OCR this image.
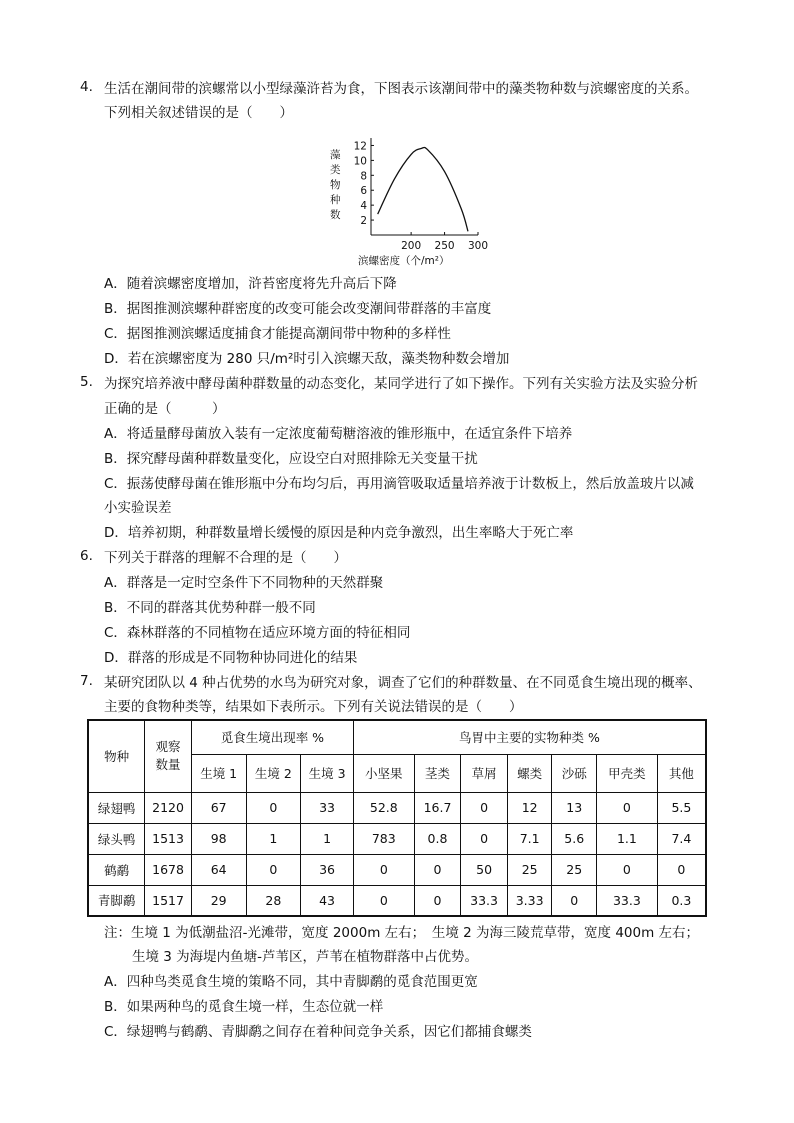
4. 生活在潮间带的滨螺常以小型绿藻浒苔为食，下图表示该潮间带中的藻类物种数与滨螺密度的关系。
下列相关叙述错误的是（　　）
藻
类
物
种
数
12
10
8
6
4
2
200 250 300
滨螺密度（个/m²）
A．随着滨螺密度增加，浒苔密度将先升高后下降
B．据图推测滨螺种群密度的改变可能会改变潮间带群落的丰富度
C．据图推测滨螺适度捕食才能提高潮间带中物种的多样性
D．若在滨螺密度为 280 只/m²时引入滨螺天敌，藻类物种数会增加
5. 为探究培养液中酵母菌种群数量的动态变化，某同学进行了如下操作。下列有关实验方法及实验分析
正确的是（　　　）
A．将适量酵母菌放入装有一定浓度葡萄糖溶液的锥形瓶中，在适宜条件下培养
B．探究酵母菌种群数量变化，应设空白对照排除无关变量干扰
C．振荡使酵母菌在锥形瓶中分布均匀后，再用滴管吸取适量培养液于计数板上，然后放盖玻片以减
小实验误差
D．培养初期，种群数量增长缓慢的原因是种内竞争激烈，出生率略大于死亡率
6. 下列关于群落的理解不合理的是（　　）
A．群落是一定时空条件下不同物种的天然群聚
B．不同的群落其优势种群一般不同
C．森林群落的不同植物在适应环境方面的特征相同
D．群落的形成是不同物种协同进化的结果
7. 某研究团队以 4 种占优势的水鸟为研究对象，调查了它们的种群数量、在不同觅食生境出现的概率、
主要的食物种类等，结果如下表所示。下列有关说法错误的是（　　）
物种	观察数量	觅食生境出现率 %			鸟胃中主要的实物种类 %						
		生境 1	生境 2	生境 3	小坚果	茎类	草屑	螺类	沙砾	甲壳类	其他
绿翅鸭	2120	67	0	33	52.8	16.7	0	12	13	0	5.5
绿头鸭	1513	98	1	1	783	0.8	0	7.1	5.6	1.1	7.4
鹤鹬	1678	64	0	36	0	0	50	25	25	0	0
青脚鹬	1517	29	28	43	0	0	33.3	3.33	0	33.3	0.3
注：生境 1 为低潮盐沼-光滩带，宽度 2000m 左右；　生境 2 为海三陵荒草带，宽度 400m 左右；
生境 3 为海堤内鱼塘-芦苇区，芦苇在植物群落中占优势。
A．四种鸟类觅食生境的策略不同，其中青脚鹬的觅食范围更宽
B．如果两种鸟的觅食生境一样，生态位就一样
C．绿翅鸭与鹤鹬、青脚鹬之间存在着种间竞争关系，因它们都捕食螺类
